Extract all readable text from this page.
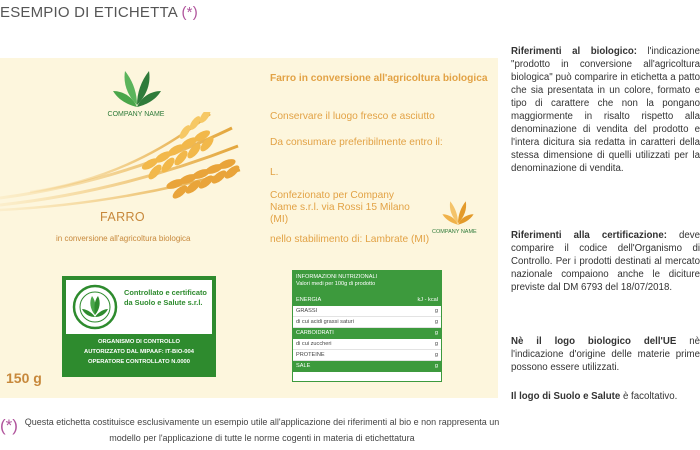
ESEMPIO DI ETICHETTA (*)
COMPANY NAME
FARRO
in conversione all'agricoltura biologica
Farro in conversione all'agricoltura biologica
Conservare il luogo fresco e asciutto
Da consumare preferibilmente entro il:
L.
Confezionato per Company Name s.r.l. via Rossi 15 Milano (MI)
nello stabilimento di: Lambrate (MI)
COMPANY NAME
Controllato e certificato da Suolo e Salute s.r.l.
ORGANISMO DI CONTROLLO
AUTORIZZATO DAL MIPAAF: IT-BIO-004
OPERATORE CONTROLLATO N.0000
150 g
INFORMAZIONI NUTRIZIONALI
Valori medi per 100g di prodotto
ENERGIA	kJ - kcal
GRASSI	g
di cui acidi grassi saturi	g
CARBOIDRATI	g
di cui zuccheri	g
PROTEINE	g
SALE	g
(*) Questa etichetta costituisce esclusivamente un esempio utile all'applicazione dei riferimenti al bio e non rappresenta un modello per l'applicazione di tutte le norme cogenti in materia di etichettatura
Riferimenti al biologico: l'indicazione "prodotto in conversione all'agricoltura biologica" può comparire in etichetta a patto che sia presentata in un colore, formato e tipo di carattere che non la pongano maggiormente in risalto rispetto alla denominazione di vendita del prodotto e l'intera dicitura sia redatta in caratteri della stessa dimensione di quelli utilizzati per la denominazione di vendita.
Riferimenti alla certificazione: deve comparire il codice dell'Organismo di Controllo. Per i prodotti destinati al mercato nazionale compaiono anche le diciture previste dal DM 6793 del 18/07/2018.
Nè il logo biologico dell'UE nè l'indicazione d'origine delle materie prime possono essere utilizzati.
Il logo di Suolo e Salute è facoltativo.
